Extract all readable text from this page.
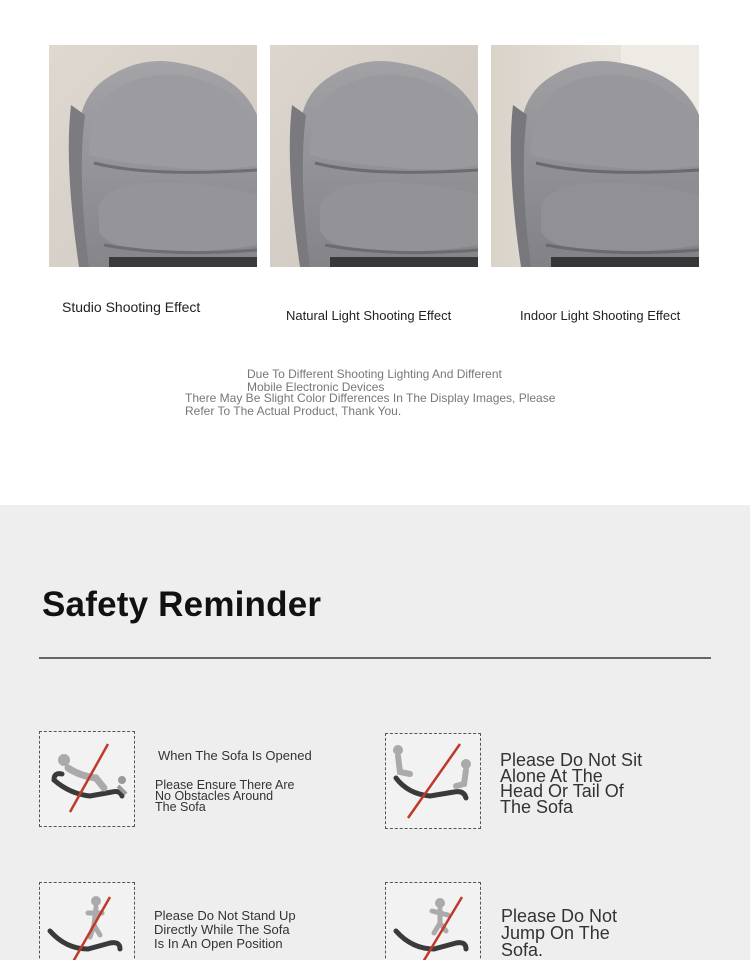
Studio Shooting Effect
Natural Light Shooting Effect	Indoor Light Shooting Effect
Due To Different Shooting Lighting And Different Mobile Electronic Devices
There May Be Slight Color Differences In The Display Images, Please Refer To The Actual Product, Thank You.
Safety Reminder
When The Sofa Is Opened
Please Ensure There Are No Obstacles Around The Sofa
Please Do Not Sit Alone At The Head Or Tail Of The Sofa
Please Do Not Stand Up Directly While The Sofa Is In An Open Position
Please Do Not Jump On The Sofa.
